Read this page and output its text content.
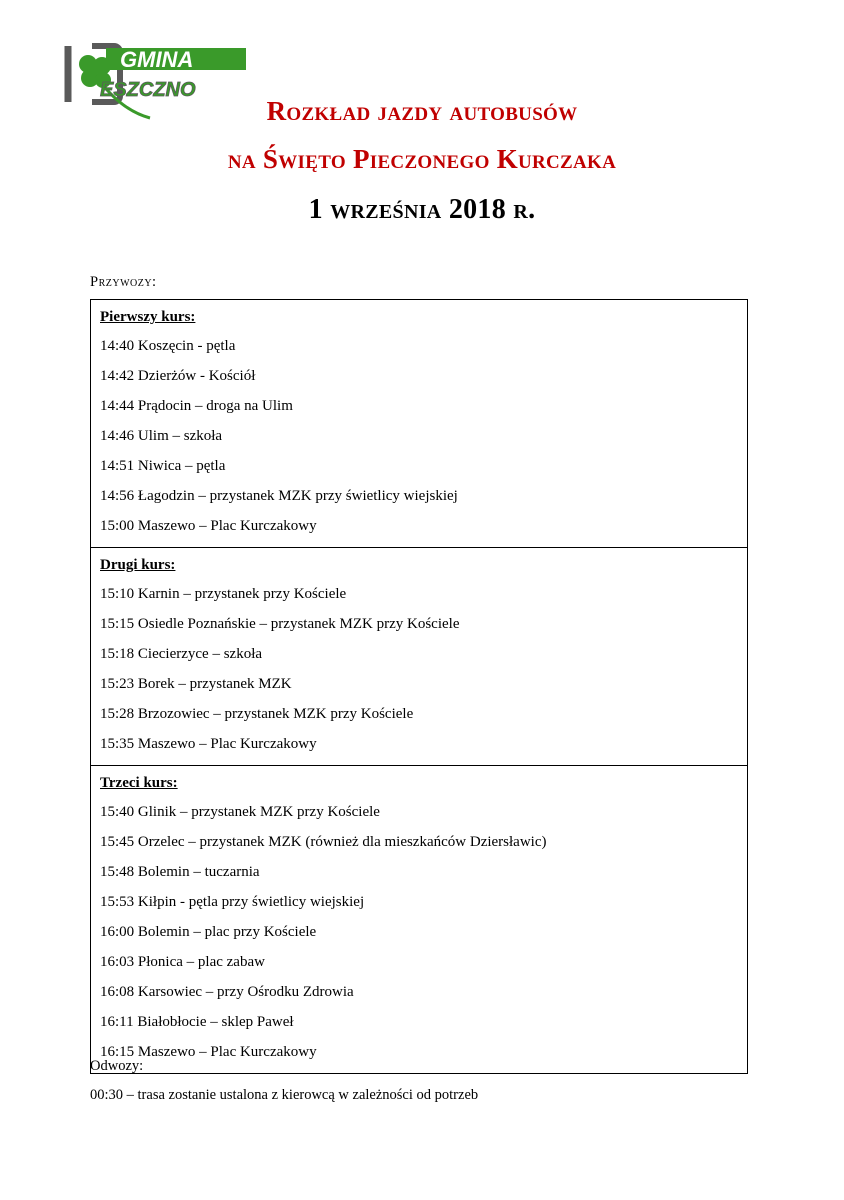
GMINA
ESZCZNO
Rozkład jazdy autobusów
na Święto Pieczonego Kurczaka
1 września 2018 r.
Przywozy:
Pierwszy kurs:
14:40 Koszęcin - pętla
14:42 Dzierżów - Kościół
14:44 Prądocin – droga na Ulim
14:46 Ulim – szkoła
14:51 Niwica – pętla
14:56 Łagodzin – przystanek MZK przy świetlicy wiejskiej
15:00 Maszewo – Plac Kurczakowy
Drugi kurs:
15:10 Karnin – przystanek przy Kościele
15:15 Osiedle Poznańskie – przystanek MZK przy Kościele
15:18 Ciecierzyce – szkoła
15:23 Borek – przystanek MZK
15:28 Brzozowiec – przystanek MZK przy Kościele
15:35 Maszewo – Plac Kurczakowy
Trzeci kurs:
15:40 Glinik – przystanek MZK przy Kościele
15:45 Orzelec – przystanek MZK (również dla mieszkańców Dziersławic)
15:48 Bolemin – tuczarnia
15:53 Kiłpin - pętla przy świetlicy wiejskiej
16:00 Bolemin – plac przy Kościele
16:03 Płonica – plac zabaw
16:08 Karsowiec – przy Ośrodku Zdrowia
16:11 Białobłocie – sklep Paweł
16:15 Maszewo – Plac Kurczakowy
Odwozy:
00:30 – trasa zostanie ustalona z kierowcą w zależności od potrzeb
